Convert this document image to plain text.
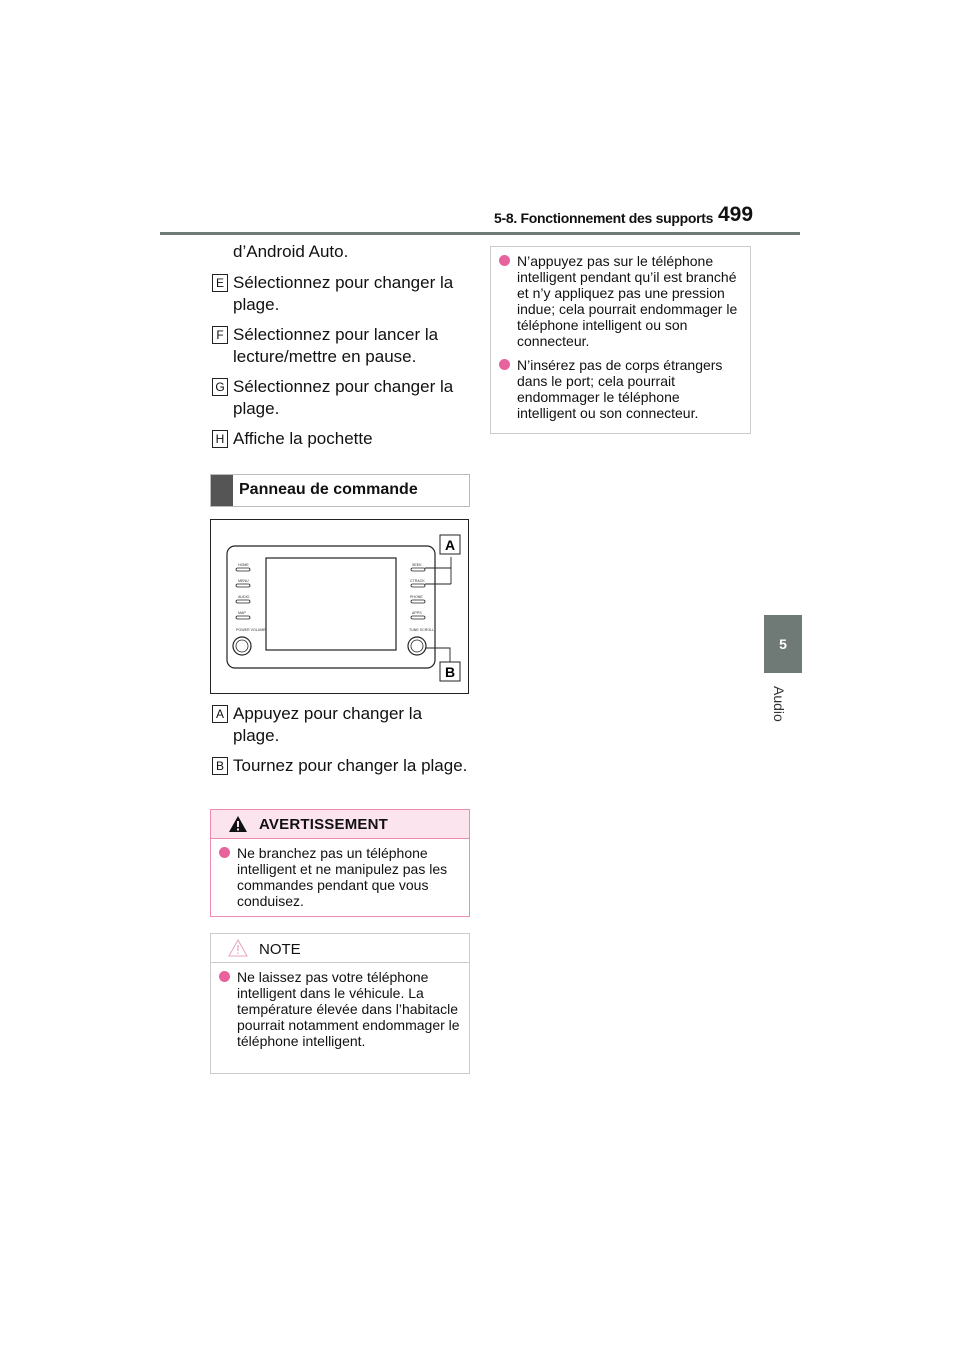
5-8. Fonctionnement des supports 499
5
Audio
d’Android Auto.
E Sélectionnez pour changer la plage.
F Sélectionnez pour lancer la lecture/mettre en pause.
G Sélectionnez pour changer la plage.
H Affiche la pochette
Panneau de commande
HOME
MENU
AUDIO
MAP
POWER VOLUME
SEEK
CTRACK
PHONE
APPS
TUNE SCROLL
A
B
A Appuyez pour changer la plage.
B Tournez pour changer la plage.
AVERTISSEMENT
Ne branchez pas un téléphone intelligent et ne manipulez pas les commandes pendant que vous conduisez.
NOTE
Ne laissez pas votre téléphone intelligent dans le véhicule. La température élevée dans l’habitacle pourrait notamment endommager le téléphone intelligent.
N’appuyez pas sur le téléphone intelligent pendant qu’il est branché et n’y appliquez pas une pression indue; cela pourrait endommager le téléphone intelligent ou son connecteur.
N’insérez pas de corps étrangers dans le port; cela pourrait endommager le téléphone intelligent ou son connecteur.
